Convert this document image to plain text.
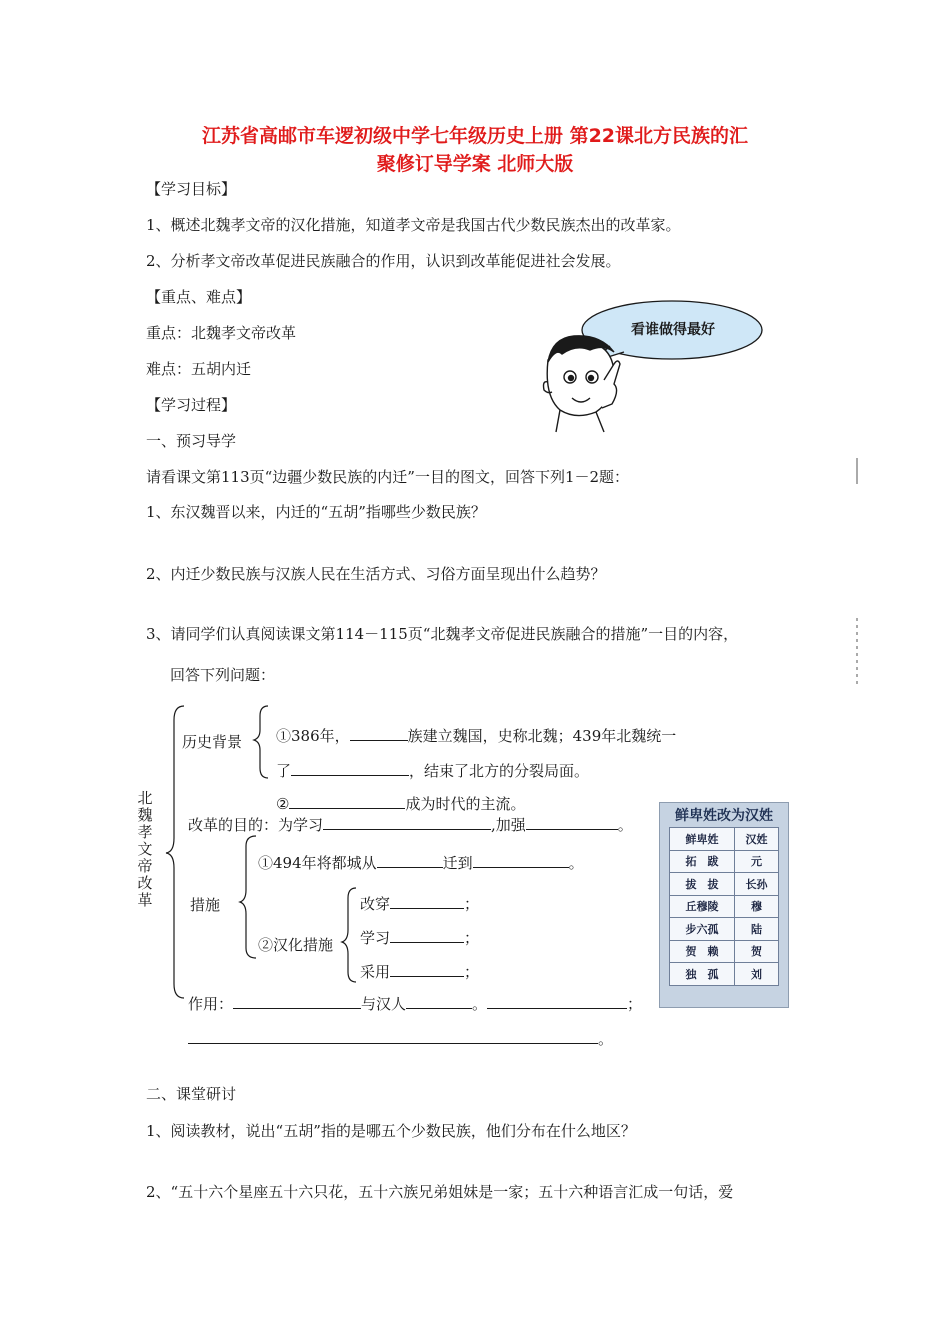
江苏省高邮市车逻初级中学七年级历史上册 第22课北方民族的汇
聚修订导学案 北师大版
【学习目标】
1、概述北魏孝文帝的汉化措施，知道孝文帝是我国古代少数民族杰出的改革家。
2、分析孝文帝改革促进民族融合的作用，认识到改革能促进社会发展。
【重点、难点】
重点：北魏孝文帝改革
难点：五胡内迁
【学习过程】
一、预习导学
请看课文第113页“边疆少数民族的内迁”一目的图文，回答下列1－2题：
1、东汉魏晋以来，内迁的“五胡”指哪些少数民族？
2、内迁少数民族与汉族人民在生活方式、习俗方面呈现出什么趋势？
3、请同学们认真阅读课文第114－115页“北魏孝文帝促进民族融合的措施”一目的内容，
回答下列问题：
看谁做得最好
北
魏
孝
文
帝
改
革
历史背景 ①386年，	族建立魏国，史称北魏；439年北魏统一
了	，结束了北方的分裂局面。
②	成为时代的主流。
改革的目的：为学习	,加强	。
措施
①494年将都城从	迁到	。
②汉化措施
改穿	；
学习	；
采用	；
作用：	与汉人	。	；
。
鲜卑姓改为汉姓
鲜卑姓	汉姓
拓　跋	元
拔　拔	长孙
丘穆陵	穆
步六孤	陆
贺　赖	贺
独　孤	刘
二、课堂研讨
1、阅读教材，说出“五胡”指的是哪五个少数民族，他们分布在什么地区？
2、“五十六个星座五十六只花，五十六族兄弟姐妹是一家；五十六种语言汇成一句话，爱
